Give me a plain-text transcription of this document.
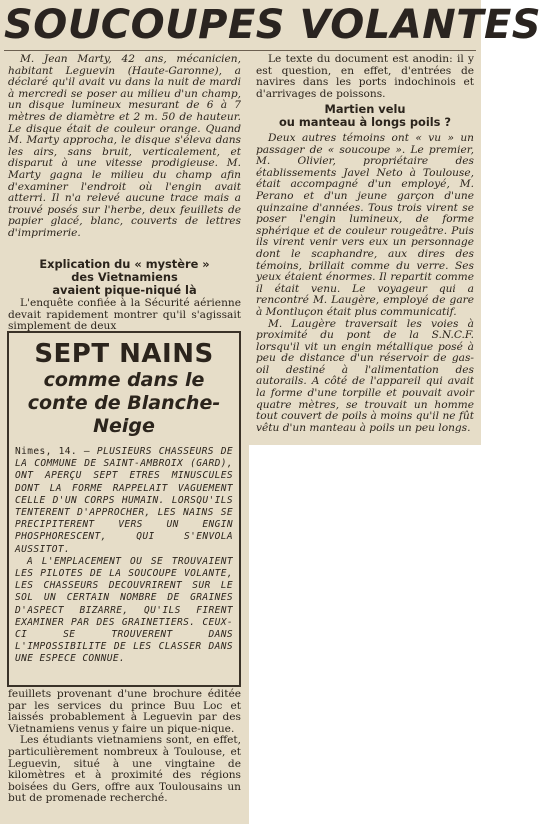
SOUCOUPES VOLANTES

M. Jean Marty, 42 ans, mécanicien, habitant Leguevin (Haute-Garonne), a déclaré qu'il avait vu dans la nuit de mardi à mercredi se poser au milieu d'un champ, un disque lumineux mesurant de 6 à 7 mètres de diamètre et 2 m. 50 de hauteur. Le disque était de couleur orange. Quand M. Marty approcha, le disque s'éleva dans les airs, sans bruit, verticalement, et disparut à une vitesse prodigieuse. M. Marty gagna le milieu du champ afin d'examiner l'endroit où l'engin avait atterri. Il n'a relevé aucune trace mais a trouvé posés sur l'herbe, deux feuillets de papier glacé, blanc, couverts de lettres d'imprimerie.

Explication du « mystère »

des Vietnamiens

avaient pique-niqué là

L'enquête confiée à la Sécurité aérienne devait rapidement montrer qu'il s'agissait simplement de deux

SEPT NAINS

comme dans le conte de Blanche-Neige

Nimes, 14. — PLUSIEURS CHASSEURS DE LA COMMUNE DE SAINT-AMBROIX (GARD), ONT APERÇU SEPT ETRES MINUSCULES DONT LA FORME RAPPELAIT VAGUEMENT CELLE D'UN CORPS HUMAIN. LORSQU'ILS TENTERENT D'APPROCHER, LES NAINS SE PRECIPITERENT VERS UN ENGIN PHOSPHORESCENT, QUI S'ENVOLA AUSSITOT.

A L'EMPLACEMENT OU SE TROUVAIENT LES PILOTES DE LA SOUCOUPE VOLANTE, LES CHASSEURS DECOUVRIRENT SUR LE SOL UN CERTAIN NOMBRE DE GRAINES D'ASPECT BIZARRE, QU'ILS FIRENT EXAMINER PAR DES GRAINETIERS. CEUX-CI SE TROUVERENT DANS L'IMPOSSIBILITE DE LES CLASSER DANS UNE ESPECE CONNUE.

feuillets provenant d'une brochure éditée par les services du prince Buu Loc et laissés probablement à Leguevin par des Vietnamiens venus y faire un pique-nique.

Les étudiants vietnamiens sont, en effet, particulièrement nombreux à Toulouse, et Leguevin, situé à une vingtaine de kilomètres et à proximité des régions boisées du Gers, offre aux Toulousains un but de promenade recherché.

Le texte du document est anodin: il y est question, en effet, d'entrées de navires dans les ports indochinois et d'arrivages de poissons.

Martien velu

ou manteau à longs poils ?

Deux autres témoins ont « vu » un passager de « soucoupe ». Le premier, M. Olivier, propriétaire des établissements Javel Neto à Toulouse, était accompagné d'un employé, M. Perano et d'un jeune garçon d'une quinzaine d'années. Tous trois virent se poser l'engin lumineux, de forme sphérique et de couleur rougeâtre. Puis ils virent venir vers eux un personnage dont le scaphandre, aux dires des témoins, brillait comme du verre. Ses yeux étaient énormes. Il repartit comme il était venu. Le voyageur qui a rencontré M. Laugère, employé de gare à Montluçon était plus communicatif.

M. Laugère traversait les voies à proximité du pont de la S.N.C.F. lorsqu'il vit un engin métallique posé à peu de distance d'un réservoir de gas-oil destiné à l'alimentation des autorails. A côté de l'appareil qui avait la forme d'une torpille et pouvait avoir quatre mètres, se trouvait un homme tout couvert de poils à moins qu'il ne fût vêtu d'un manteau à poils un peu longs.
